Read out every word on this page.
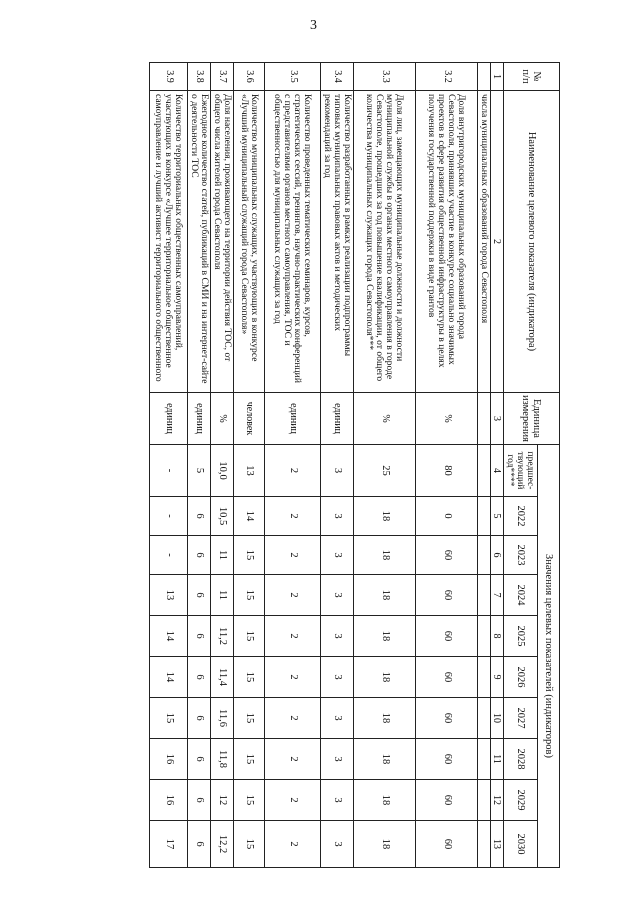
3
№
п/п	Наименование целевого показателя (индикатора)	Единица измерения	Значения целевых показателей (индикаторов)									
			предшес-твующий год****	2022	2023	2024	2025	2026	2027	2028	2029	2030
1	2	3	4	5	6	7	8	9	10	11	12	13
	числа муниципальных образований города Севастополя											
3.2	Доля внутригородских муниципальных образований города Севастополя, принявших участие в конкурсе социально значимых проектов в сфере развития общественной инфраструктуры в целях получения государственной поддержки в виде грантов	%	80	0	60	60	60	60	60	60	60	60
3.3	Доля лиц, замещающих муниципальные должности и должности муниципальной службы в органах местного самоуправления в городе Севастополе, прошедших за год повышение квалификации, от общего количества муниципальных служащих города Севастополя***	%	25	18	18	18	18	18	18	18	18	18
3.4	Количество разработанных в рамках реализации подпрограммы типовых муниципальных правовых актов и методических рекомендаций за год	единиц	3	3	3	3	3	3	3	3	3	3
3.5	Количество проведенных тематических семинаров, курсов, стратегических сессий, тренингов, научно-практических конференций с представителями органов местного самоуправления, ТОС и общественностью для муниципальных служащих за год	единиц	2	2	2	2	2	2	2	2	2	2
3.6	Количество муниципальных служащих, участвующих в конкурсе «Лучший муниципальный служащий города Севастополя»	человек	13	14	15	15	15	15	15	15	15	15
3.7	Доля населения, проживающего на территории действия ТОС, от общего числа жителей города Севастополя	%	10,0	10,5	11	11	11,2	11,4	11,6	11,8	12	12,2
3.8	Ежегодное количество статей, публикаций в СМИ и на интернет-сайте о деятельности ТОС	единиц	5	6	6	6	6	6	6	6	6	6
3.9	Количество территориальных общественных самоуправлений, участвующих в конкурсе «Лучшее территориальное общественное самоуправление и лучший активист территориального общественного	единиц	-	-	-	13	14	14	15	16	16	17
